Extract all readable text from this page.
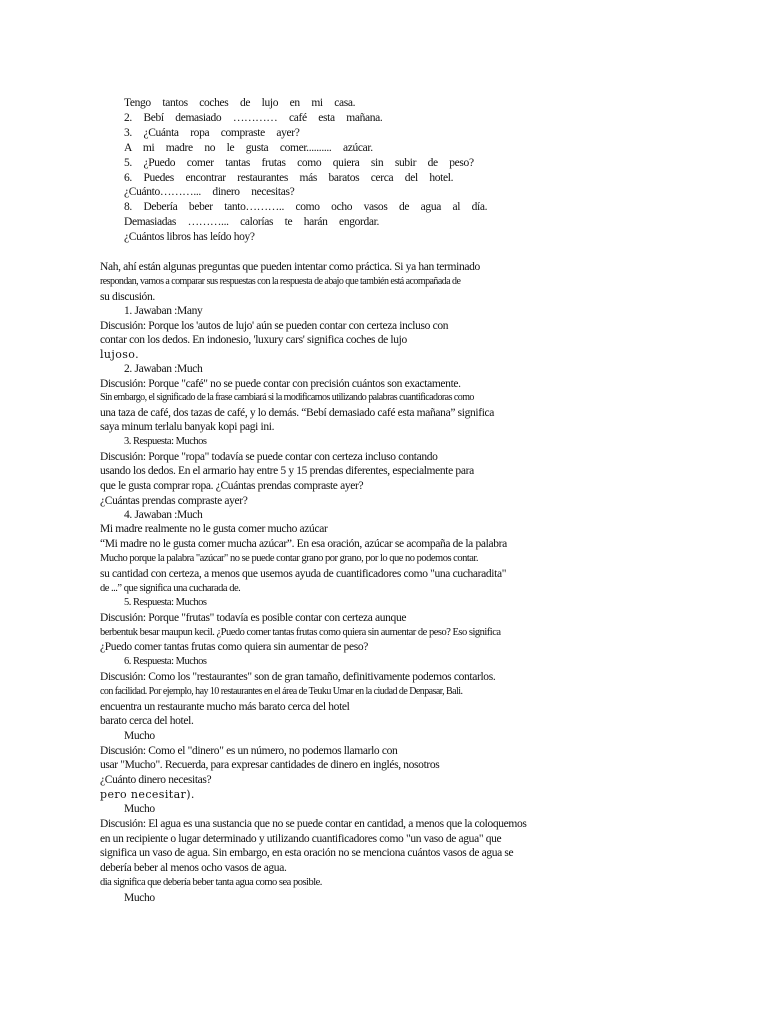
Tengo tantos coches de lujo en mi casa.
2. Bebí demasiado ………… café esta mañana.
3. ¿Cuánta ropa compraste ayer?
A mi madre no le gusta comer.......... azúcar.
5. ¿Puedo comer tantas frutas como quiera sin subir de peso?
6. Puedes encontrar restaurantes más baratos cerca del hotel.
¿Cuánto………... dinero necesitas?
8. Debería beber tanto……….. como ocho vasos de agua al día.
Demasiadas ………... calorías te harán engordar.
¿Cuántos libros has leído hoy?
Nah, ahí están algunas preguntas que pueden intentar como práctica. Si ya han terminado
respondan, vamos a comparar sus respuestas con la respuesta de abajo que también está acompañada de
su discusión.
1. Jawaban :Many
Discusión: Porque los 'autos de lujo' aún se pueden contar con certeza incluso con
contar con los dedos. En indonesio, 'luxury cars' significa coches de lujo
lujoso.
2. Jawaban :Much
Discusión: Porque "café" no se puede contar con precisión cuántos son exactamente.
Sin embargo, el significado de la frase cambiará si la modificamos utilizando palabras cuantificadoras como
una taza de café, dos tazas de café, y lo demás. “Bebí demasiado café esta mañana” significa
saya minum terlalu banyak kopi pagi ini.
3. Respuesta: Muchos
Discusión: Porque "ropa" todavía se puede contar con certeza incluso contando
usando los dedos. En el armario hay entre 5 y 15 prendas diferentes, especialmente para
que le gusta comprar ropa. ¿Cuántas prendas compraste ayer?
¿Cuántas prendas compraste ayer?
4. Jawaban :Much
Mi madre realmente no le gusta comer mucho azúcar
“Mi madre no le gusta comer mucha azúcar”. En esa oración, azúcar se acompaña de la palabra
Mucho porque la palabra "azúcar" no se puede contar grano por grano, por lo que no podemos contar.
su cantidad con certeza, a menos que usemos ayuda de cuantificadores como "una cucharadita"
de ...” que significa una cucharada de.
5. Respuesta: Muchos
Discusión: Porque "frutas" todavía es posible contar con certeza aunque
berbentuk besar maupun kecil. ¿Puedo comer tantas frutas como quiera sin aumentar de peso? Eso significa
¿Puedo comer tantas frutas como quiera sin aumentar de peso?
6. Respuesta: Muchos
Discusión: Como los "restaurantes" son de gran tamaño, definitivamente podemos contarlos.
con facilidad. Por ejemplo, hay 10 restaurantes en el área de Teuku Umar en la ciudad de Denpasar, Bali.
encuentra un restaurante mucho más barato cerca del hotel
barato cerca del hotel.
Mucho
Discusión: Como el "dinero" es un número, no podemos llamarlo con
usar "Mucho". Recuerda, para expresar cantidades de dinero en inglés, nosotros
¿Cuánto dinero necesitas?
pero necesitar).
Mucho
Discusión: El agua es una sustancia que no se puede contar en cantidad, a menos que la coloquemos
en un recipiente o lugar determinado y utilizando cuantificadores como "un vaso de agua" que
significa un vaso de agua. Sin embargo, en esta oración no se menciona cuántos vasos de agua se
debería beber al menos ocho vasos de agua.
dia significa que debería beber tanta agua como sea posible.
Mucho
